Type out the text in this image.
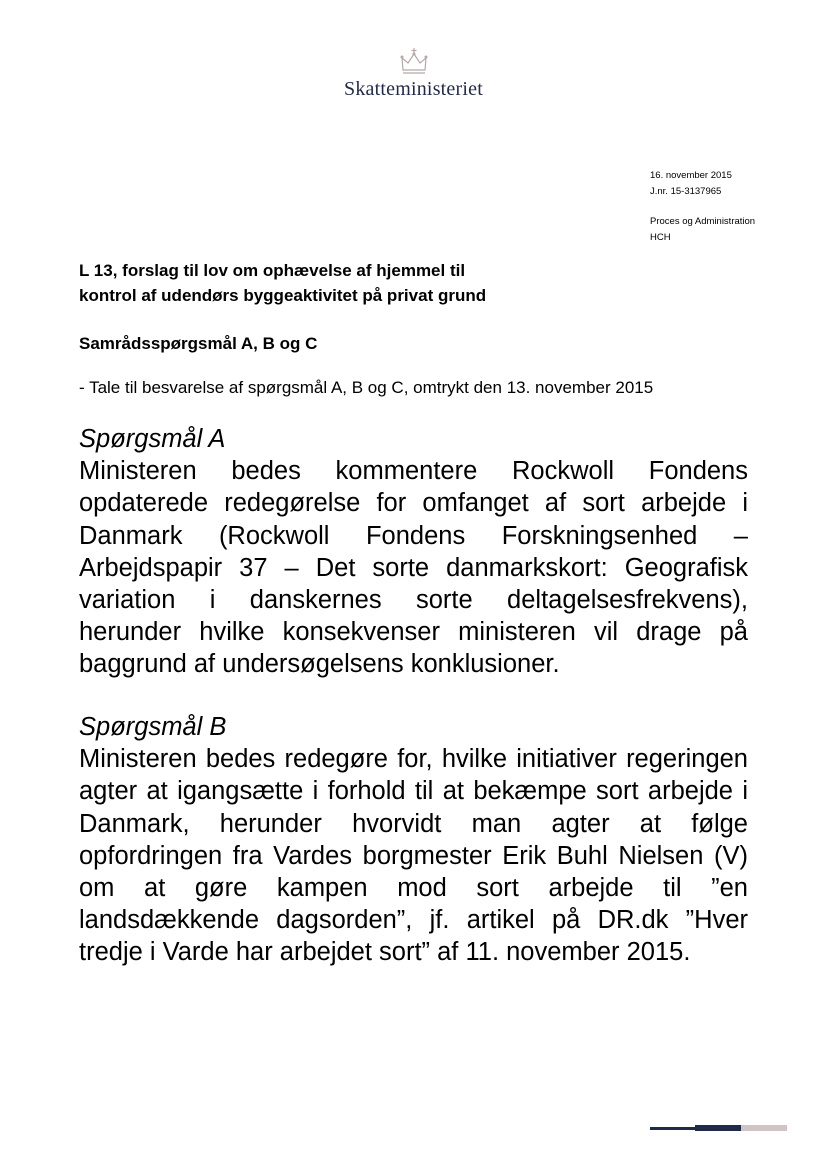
Skatteministeriet
16. november 2015
J.nr. 15-3137965
Proces og Administration
HCH
L 13, forslag til lov om ophævelse af hjemmel til
kontrol af udendørs byggeaktivitet på privat grund
Samrådsspørgsmål A, B og C
- Tale til besvarelse af spørgsmål A, B og C, omtrykt den 13. november 2015
Spørgsmål A
Ministeren bedes kommentere Rockwoll Fondens opdaterede redegørelse for omfanget af sort arbejde i Danmark (Rockwoll Fondens Forskningsenhed – Arbejdspapir 37 – Det sorte danmarkskort: Geografisk variation i danskernes sorte deltagelsesfrekvens), herunder hvilke konsekvenser ministeren vil drage på baggrund af undersøgelsens konklusioner.
Spørgsmål B
Ministeren bedes redegøre for, hvilke initiativer regeringen agter at igangsætte i forhold til at bekæmpe sort arbejde i Danmark, herunder hvorvidt man agter at følge opfordringen fra Vardes borgmester Erik Buhl Nielsen (V) om at gøre kampen mod sort arbejde til ”en landsdækkende dagsorden”, jf. artikel på DR.dk ”Hver tredje i Varde har arbejdet sort” af 11. november 2015.
